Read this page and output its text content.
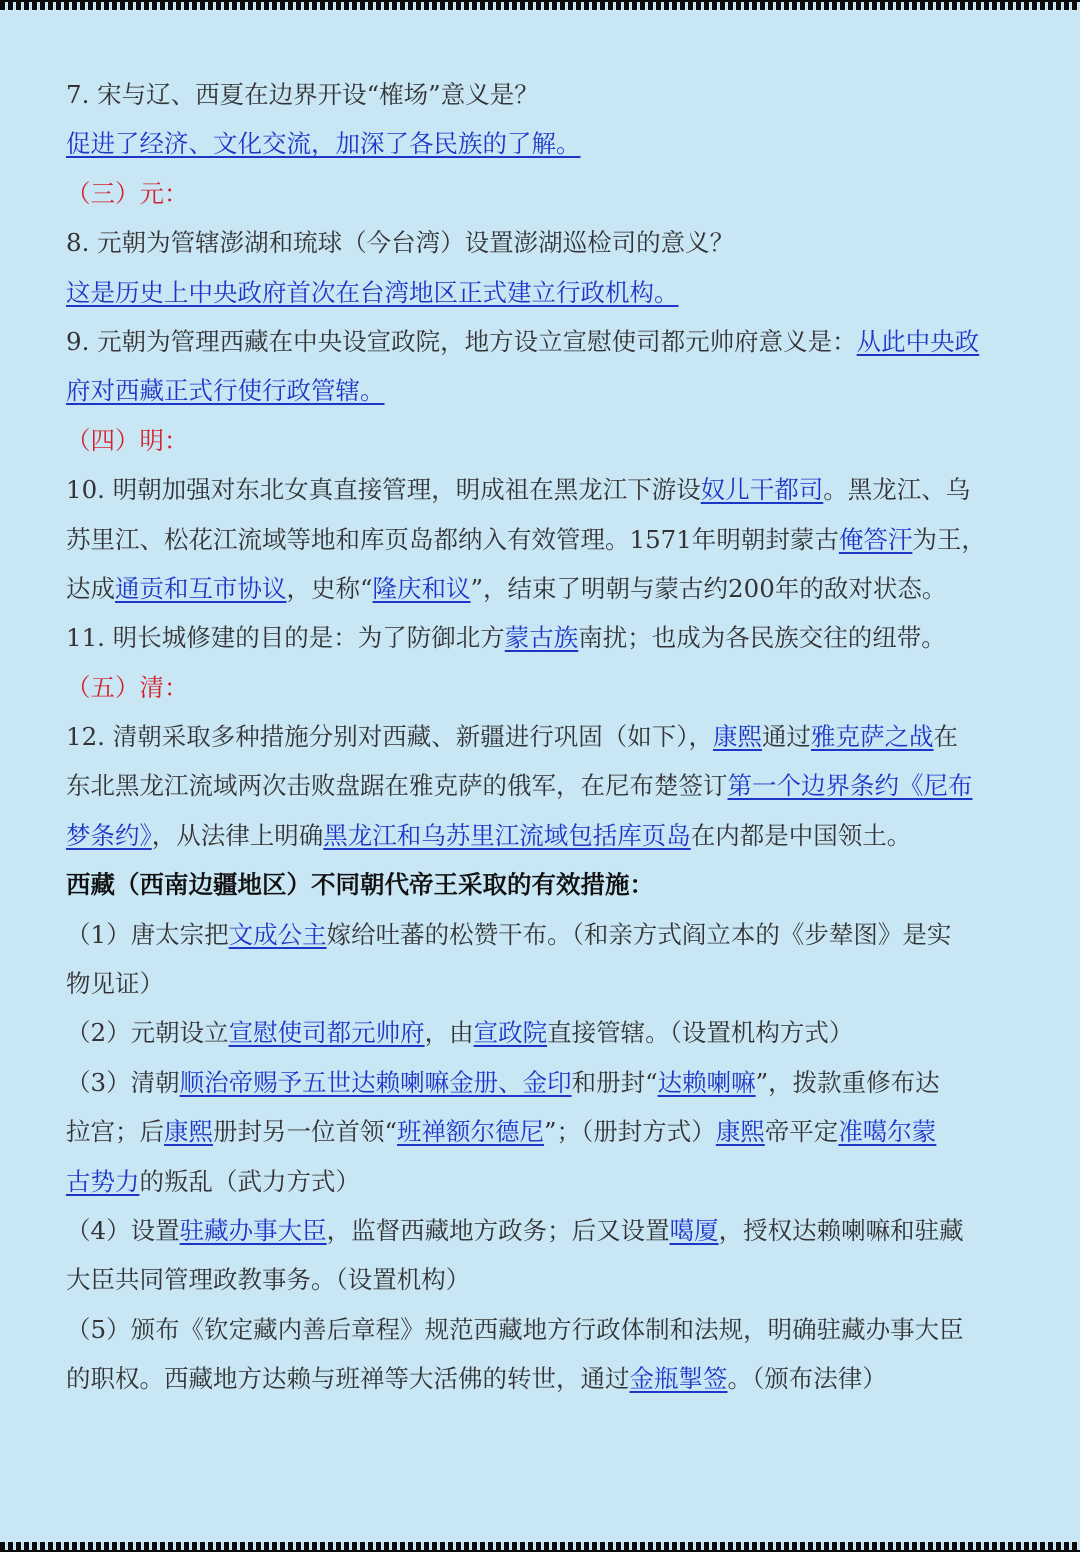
7. 宋与辽、西夏在边界开设“榷场”意义是？
促进了经济、文化交流，加深了各民族的了解。
（三）元：
8. 元朝为管辖澎湖和琉球（今台湾）设置澎湖巡检司的意义？
这是历史上中央政府首次在台湾地区正式建立行政机构。
9. 元朝为管理西藏在中央设宣政院，地方设立宣慰使司都元帅府意义是：从此中央政
府对西藏正式行使行政管辖。
（四）明：
10. 明朝加强对东北女真直接管理，明成祖在黑龙江下游设奴儿干都司。黑龙江、乌
苏里江、松花江流域等地和库页岛都纳入有效管理。1571年明朝封蒙古俺答汗为王，
达成通贡和互市协议，史称“隆庆和议”，结束了明朝与蒙古约200年的敌对状态。
11. 明长城修建的目的是：为了防御北方蒙古族南扰；也成为各民族交往的纽带。
（五）清：
12. 清朝采取多种措施分别对西藏、新疆进行巩固（如下），康熙通过雅克萨之战在
东北黑龙江流域两次击败盘踞在雅克萨的俄军，在尼布楚签订第一个边界条约《尼布
梦条约》，从法律上明确黑龙江和乌苏里江流域包括库页岛在内都是中国领土。
西藏（西南边疆地区）不同朝代帝王采取的有效措施：
（1）唐太宗把文成公主嫁给吐蕃的松赞干布。（和亲方式阎立本的《步辇图》是实
物见证）
（2）元朝设立宣慰使司都元帅府，由宣政院直接管辖。（设置机构方式）
（3）清朝顺治帝赐予五世达赖喇嘛金册、金印和册封“达赖喇嘛”，拨款重修布达
拉宫；后康熙册封另一位首领“班禅额尔德尼”；（册封方式）康熙帝平定准噶尔蒙
古势力的叛乱（武力方式）
（4）设置驻藏办事大臣，监督西藏地方政务；后又设置噶厦，授权达赖喇嘛和驻藏
大臣共同管理政教事务。（设置机构）
（5）颁布《钦定藏内善后章程》规范西藏地方行政体制和法规，明确驻藏办事大臣
的职权。西藏地方达赖与班禅等大活佛的转世，通过金瓶掣签。（颁布法律）
